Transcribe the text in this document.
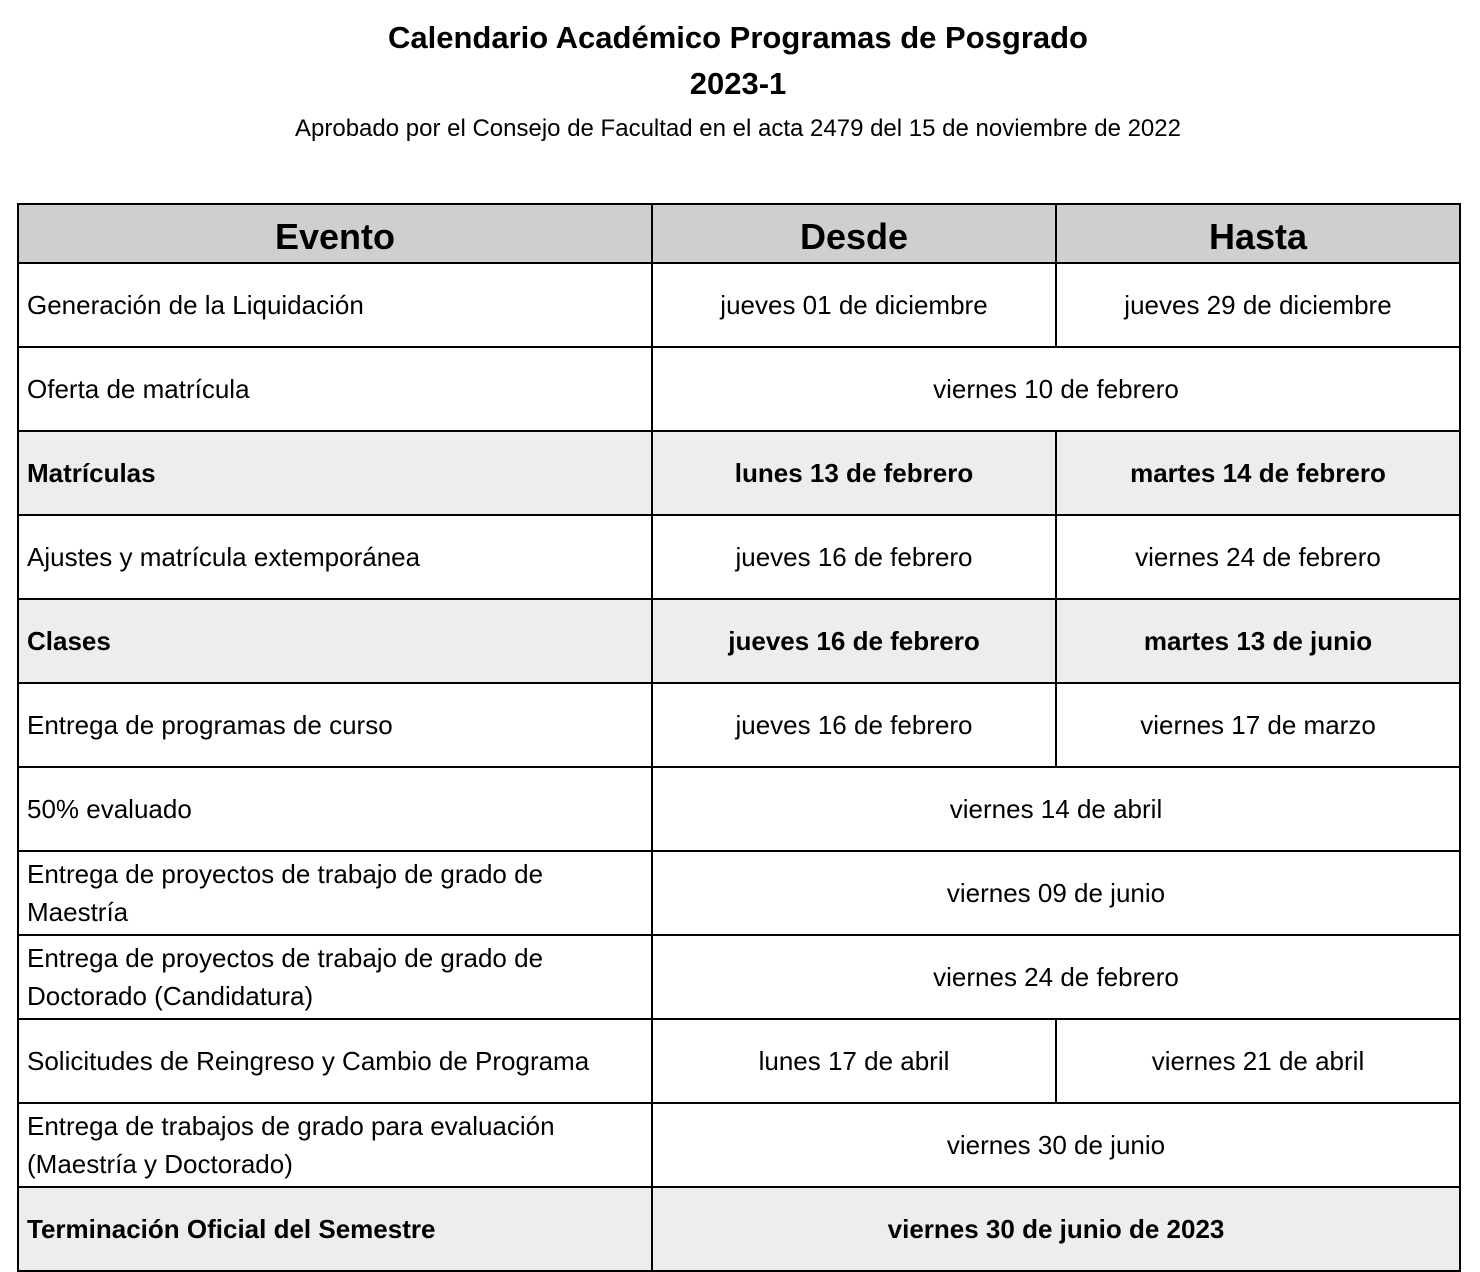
Calendario Académico Programas de Posgrado
2023-1
Aprobado por el Consejo de Facultad en el acta 2479 del 15 de noviembre de 2022
Evento	Desde	Hasta
Generación de la Liquidación	jueves 01 de diciembre	jueves 29 de diciembre
Oferta de matrícula	viernes 10 de febrero	
Matrículas	lunes 13 de febrero	martes 14 de febrero
Ajustes y matrícula extemporánea	jueves 16 de febrero	viernes 24 de febrero
Clases	jueves 16 de febrero	martes 13 de junio
Entrega de programas de curso	jueves 16 de febrero	viernes 17 de marzo
50% evaluado	viernes 14 de abril	
Entrega de proyectos de trabajo de grado de Maestría	viernes 09 de junio	
Entrega de proyectos de trabajo de grado de Doctorado (Candidatura)	viernes 24 de febrero	
Solicitudes de Reingreso y Cambio de Programa	lunes 17 de abril	viernes 21 de abril
Entrega de trabajos de grado para evaluación (Maestría y Doctorado)	viernes 30 de junio	
Terminación Oficial del Semestre	viernes 30 de junio de 2023	
